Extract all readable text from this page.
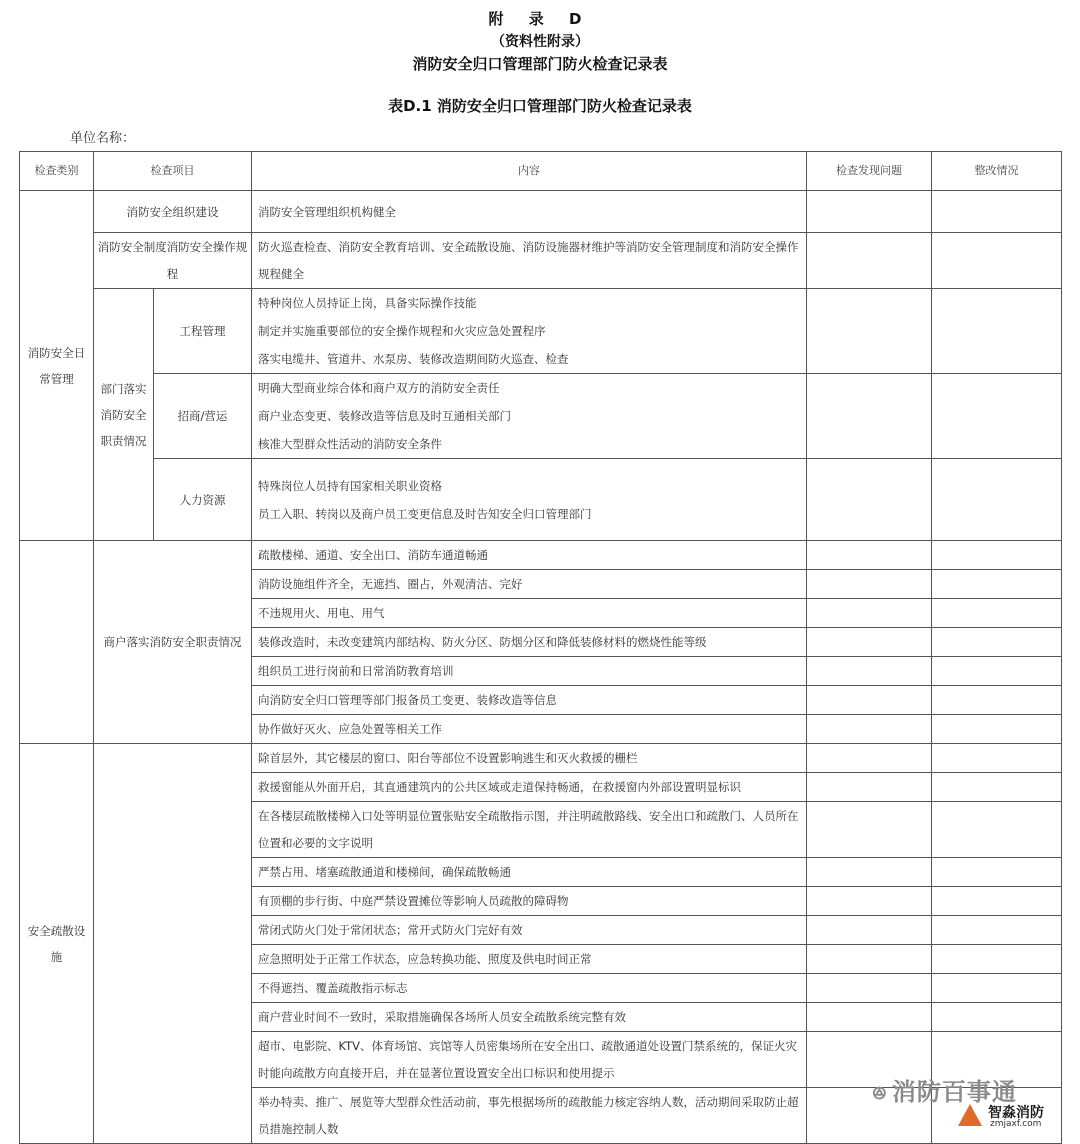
附 录 D
（资料性附录）
消防安全归口管理部门防火检查记录表
表D.1 消防安全归口管理部门防火检查记录表
单位名称：
检查类别	检查项目		内容	检查发现问题	整改情况
消防安全日常管理	消防安全组织建设		消防安全管理组织机构健全		
	消防安全制度消防安全操作规程		防火巡查检查、消防安全教育培训、安全疏散设施、消防设施器材维护等消防安全管理制度和消防安全操作规程健全		
	部门落实消防安全职责情况	工程管理	特种岗位人员持证上岗，具备实际操作技能
制定并实施重要部位的安全操作规程和火灾应急处置程序
落实电缆井、管道井、水泵房、装修改造期间防火巡查、检查		

		招商/营运	明确大型商业综合体和商户双方的消防安全责任
商户业态变更、装修改造等信息及时互通相关部门
核准大型群众性活动的消防安全条件		

		人力资源	特殊岗位人员持有国家相关职业资格
员工入职、转岗以及商户员工变更信息及时告知安全归口管理部门		

	商户落实消防安全职责情况		疏散楼梯、通道、安全出口、消防车通道畅通		
			消防设施组件齐全，无遮挡、圈占，外观清洁、完好		
			不违规用火、用电、用气		
			装修改造时，未改变建筑内部结构、防火分区、防烟分区和降低装修材料的燃烧性能等级		
			组织员工进行岗前和日常消防教育培训		
			向消防安全归口管理等部门报备员工变更、装修改造等信息		
			协作做好灭火、应急处置等相关工作		
安全疏散设施			除首层外，其它楼层的窗口、阳台等部位不设置影响逃生和灭火救援的栅栏		
			救援窗能从外面开启，其直通建筑内的公共区域或走道保持畅通，在救援窗内外部设置明显标识		
			在各楼层疏散楼梯入口处等明显位置张贴安全疏散指示图，并注明疏散路线、安全出口和疏散门、人员所在位置和必要的文字说明		
			严禁占用、堵塞疏散通道和楼梯间，确保疏散畅通		
			有顶棚的步行街、中庭严禁设置摊位等影响人员疏散的障碍物		
			常闭式防火门处于常闭状态；常开式防火门完好有效		
			应急照明处于正常工作状态，应急转换功能、照度及供电时间正常		
			不得遮挡、覆盖疏散指示标志		
			商户营业时间不一致时，采取措施确保各场所人员安全疏散系统完整有效		
			超市、电影院、KTV、体育场馆、宾馆等人员密集场所在安全出口、疏散通道处设置门禁系统的，保证火灾时能向疏散方向直接开启，并在显著位置设置安全出口标识和使用提示		
			举办特卖、推广、展览等大型群众性活动前，事先根据场所的疏散能力核定容纳人数，活动期间采取防止超员措施控制人数		
ꔮ 消防百事通
智淼消防
zmjaxf.com
